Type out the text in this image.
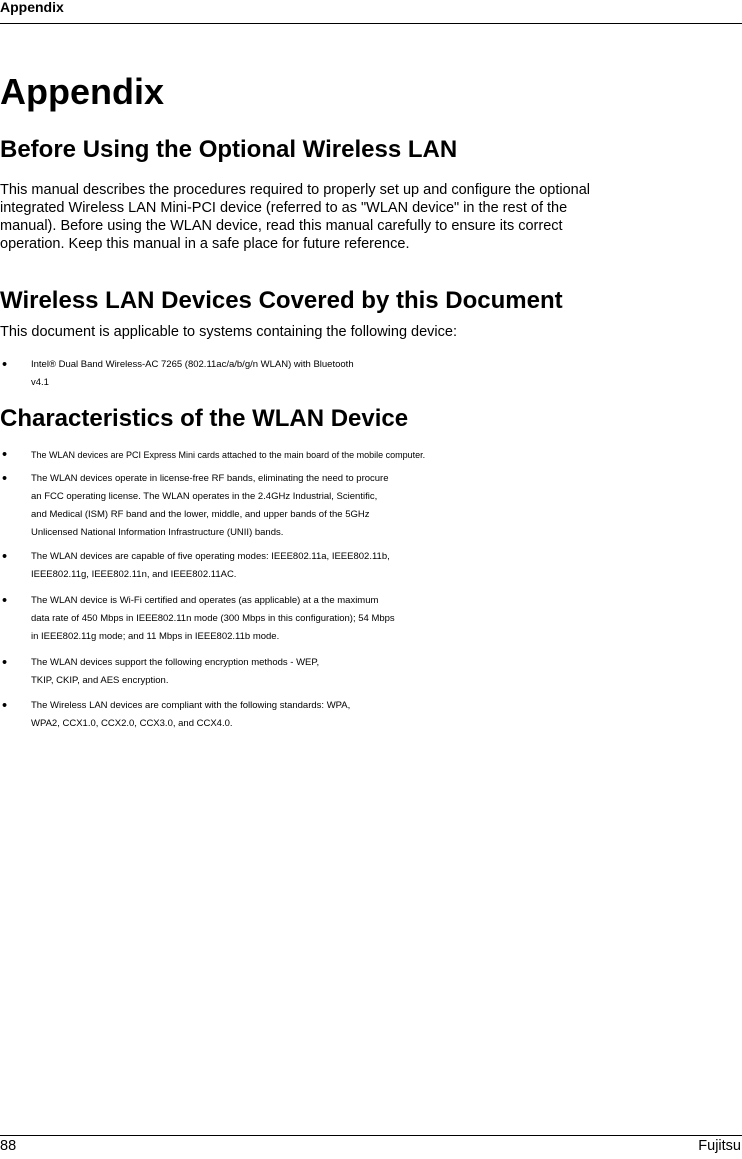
Appendix
Appendix
Before Using the Optional Wireless LAN

This manual describes the procedures required to properly set up and configure the optional
integrated Wireless LAN Mini-PCI device (referred to as "WLAN device" in the rest of the
manual). Before using the WLAN device, read this manual carefully to ensure its correct
operation. Keep this manual in a safe place for future reference.

Wireless LAN Devices Covered by this Document

This document is applicable to systems containing the following device:

•	Intel® Dual Band Wireless-AC 7265 (802.11ac/a/b/g/n WLAN) with Bluetooth
v4.1
Characteristics of the WLAN Device
•	The WLAN devices are PCI Express Mini cards attached to the main board of the mobile computer.
•	The WLAN devices operate in license-free RF bands, eliminating the need to procure
an FCC operating license. The WLAN operates in the 2.4GHz Industrial, Scientific,
and Medical (ISM) RF band and the lower, middle, and upper bands of the 5GHz
Unlicensed National Information Infrastructure (UNII) bands.
•	The WLAN devices are capable of five operating modes: IEEE802.11a, IEEE802.11b,
IEEE802.11g, IEEE802.11n, and IEEE802.11AC.
•	The WLAN device is Wi-Fi certified and operates (as applicable) at a the maximum
data rate of 450 Mbps in IEEE802.11n mode (300 Mbps in this configuration); 54 Mbps
in IEEE802.11g mode; and 11 Mbps in IEEE802.11b mode.
•	The WLAN devices support the following encryption methods - WEP,
TKIP, CKIP, and AES encryption.
•	The Wireless LAN devices are compliant with the following standards: WPA,
WPA2, CCX1.0, CCX2.0, CCX3.0, and CCX4.0.
88	Fujitsu
